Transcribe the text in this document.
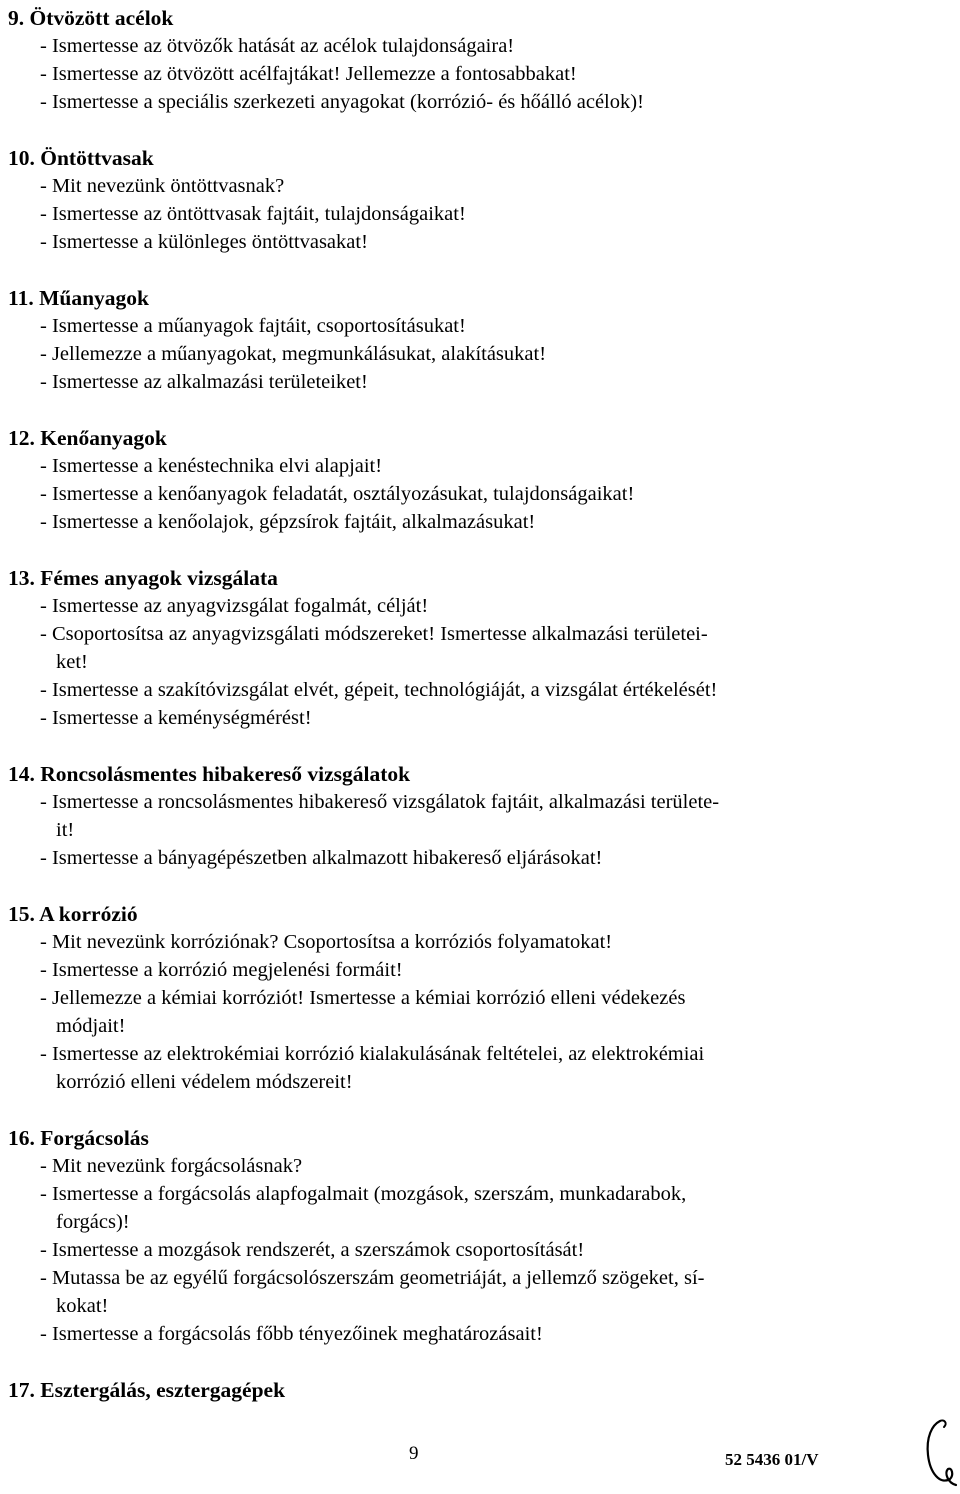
9. Ötvözött acélok
- Ismertesse az ötvözők hatását az acélok tulajdonságaira!
- Ismertesse az ötvözött acélfajtákat! Jellemezze a fontosabbakat!
- Ismertesse a speciális szerkezeti anyagokat (korrózió- és hőálló acélok)!
10. Öntöttvasak
- Mit nevezünk öntöttvasnak?
- Ismertesse az öntöttvasak fajtáit, tulajdonságaikat!
- Ismertesse a különleges öntöttvasakat!
11. Műanyagok
- Ismertesse a műanyagok fajtáit, csoportosításukat!
- Jellemezze a műanyagokat, megmunkálásukat, alakításukat!
- Ismertesse az alkalmazási területeiket!
12. Kenőanyagok
- Ismertesse a kenéstechnika elvi alapjait!
- Ismertesse a kenőanyagok feladatát, osztályozásukat, tulajdonságaikat!
- Ismertesse a kenőolajok, gépzsírok fajtáit, alkalmazásukat!
13. Fémes anyagok vizsgálata
- Ismertesse az anyagvizsgálat fogalmát, célját!
- Csoportosítsa az anyagvizsgálati módszereket! Ismertesse alkalmazási területei-
ket!
- Ismertesse a szakítóvizsgálat elvét, gépeit, technológiáját, a vizsgálat értékelését!
- Ismertesse a keménységmérést!
14. Roncsolásmentes hibakereső vizsgálatok
- Ismertesse a roncsolásmentes hibakereső vizsgálatok fajtáit, alkalmazási területe-
it!
- Ismertesse a bányagépészetben alkalmazott hibakereső eljárásokat!
15. A korrózió
- Mit nevezünk korróziónak? Csoportosítsa a korróziós folyamatokat!
- Ismertesse a korrózió megjelenési formáit!
- Jellemezze a kémiai korróziót! Ismertesse a kémiai korrózió elleni védekezés
módjait!
- Ismertesse az elektrokémiai korrózió kialakulásának feltételei, az elektrokémiai
korrózió elleni védelem módszereit!
16. Forgácsolás
- Mit nevezünk forgácsolásnak?
- Ismertesse a forgácsolás alapfogalmait (mozgások, szerszám, munkadarabok,
forgács)!
- Ismertesse a mozgások rendszerét, a szerszámok csoportosítását!
- Mutassa be az egyélű forgácsolószerszám geometriáját, a jellemző szögeket, sí-
kokat!
- Ismertesse a forgácsolás főbb tényezőinek meghatározásait!
17. Esztergálás, esztergagépek
9	52 5436 01/V
